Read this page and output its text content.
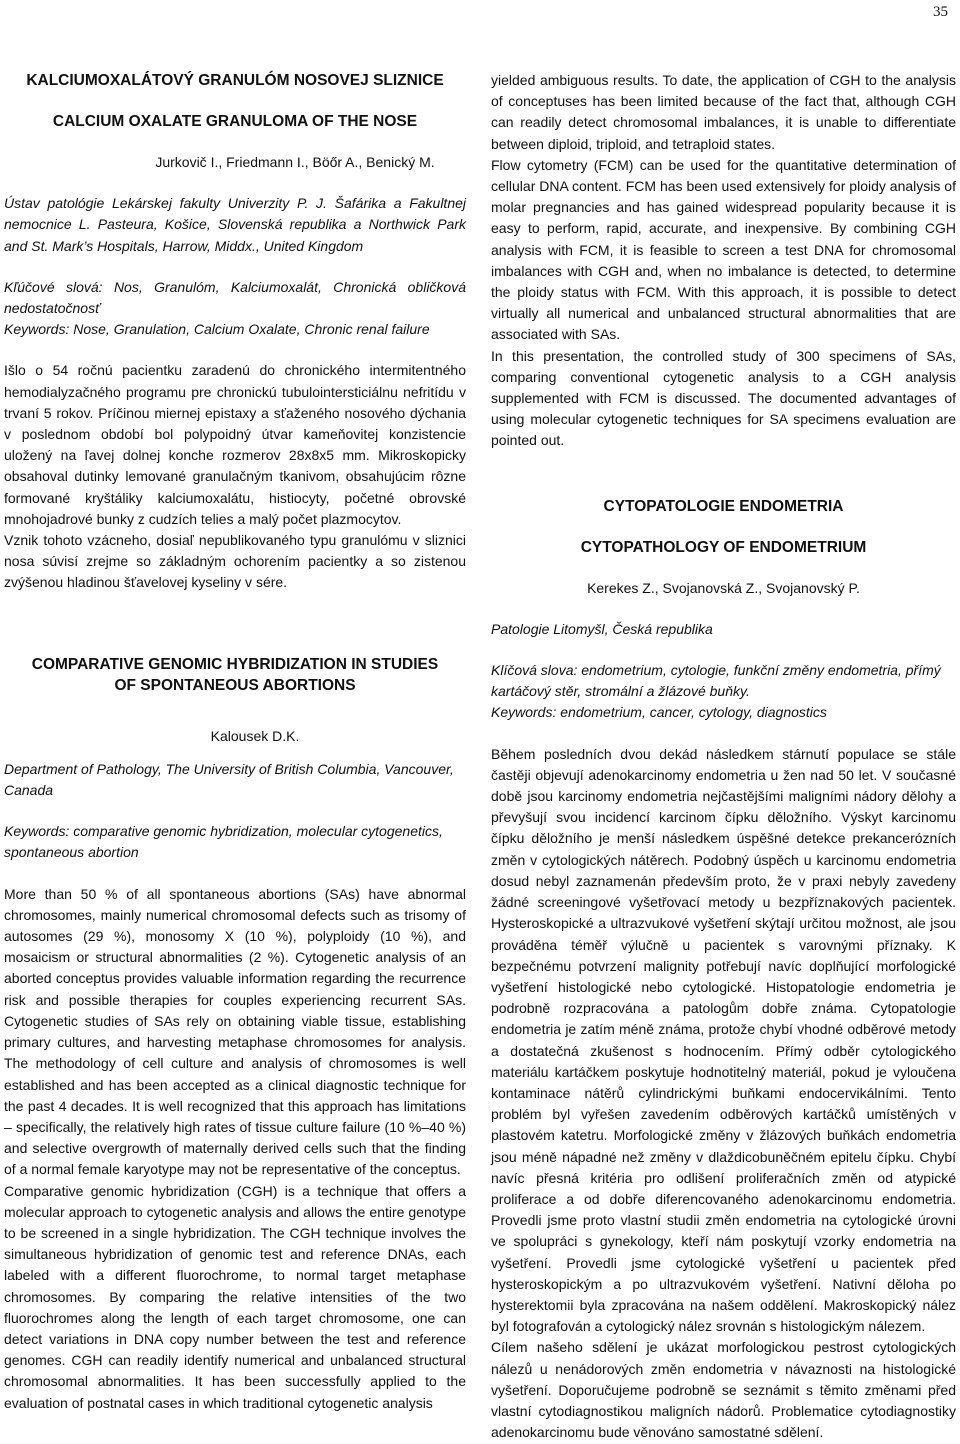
35

KALCIUMOXALÁTOVÝ GRANULÓM NOSOVEJ SLIZNICE

CALCIUM OXALATE GRANULOMA OF THE NOSE

Jurkovič I., Friedmann I., Böőr A., Benický M.

Ústav patológie Lekárskej fakulty Univerzity P. J. Šafárika a Fakultnej nemocnice L. Pasteura, Košice, Slovenská republika a Northwick Park and St. Mark’s Hospitals, Harrow, Middx., United Kingdom

Kľúčové slová: Nos, Granulóm, Kalciumoxalát, Chronická obličková nedostatočnosť

Keywords: Nose, Granulation, Calcium Oxalate, Chronic renal failure

Išlo o 54 ročnú pacientku zaradenú do chronického intermitentného hemodialyzačného programu pre chronickú tubulointersticiálnu nefritídu v trvaní 5 rokov. Príčinou miernej epistaxy a sťaženého nosového dýchania v poslednom období bol polypoidný útvar kameňovitej konzistencie uložený na ľavej dolnej konche rozmerov 28x8x5 mm. Mikroskopicky obsahoval dutinky lemované granulačným tkanivom, obsahujúcim rôzne formované kryštáliky kalciumoxalátu, histiocyty, početné obrovské mnohojadrové bunky z cudzích telies a malý počet plazmocytov.

Vznik tohoto vzácneho, dosiaľ nepublikovaného typu granulómu v sliznici nosa súvisí zrejme so základným ochorením pacientky a so zistenou zvýšenou hladinou šťavelovej kyseliny v sére.

COMPARATIVE GENOMIC HYBRIDIZATION IN STUDIES

OF SPONTANEOUS ABORTIONS

Kalousek D.K.

Department of Pathology, The University of British Columbia, Vancouver, Canada

Keywords: comparative genomic hybridization, molecular cytogenetics, spontaneous abortion

More than 50 % of all spontaneous abortions (SAs) have abnormal chromosomes, mainly numerical chromosomal defects such as trisomy of autosomes (29 %), monosomy X (10 %), polyploidy (10 %), and mosaicism or structural abnormalities (2 %). Cytogenetic analysis of an aborted conceptus provides valuable information regarding the recurrence risk and possible therapies for couples experiencing recurrent SAs. Cytogenetic studies of SAs rely on obtaining viable tissue, establishing primary cultures, and harvesting metaphase chromosomes for analysis. The methodology of cell culture and analysis of chromosomes is well established and has been accepted as a clinical diagnostic technique for the past 4 decades. It is well recognized that this approach has limitations – specifically, the relatively high rates of tissue culture failure (10 %–40 %) and selective overgrowth of maternally derived cells such that the finding of a normal female karyotype may not be representative of the conceptus.

Comparative genomic hybridization (CGH) is a technique that offers a molecular approach to cytogenetic analysis and allows the entire genotype to be screened in a single hybridization. The CGH technique involves the simultaneous hybridization of genomic test and reference DNAs, each labeled with a different fluorochrome, to normal target metaphase chromosomes. By comparing the relative intensities of the two fluorochromes along the length of each target chromosome, one can detect variations in DNA copy number between the test and reference genomes. CGH can readily identify numerical and unbalanced structural chromosomal abnormalities. It has been successfully applied to the evaluation of postnatal cases in which traditional cytogenetic analysis

yielded ambiguous results. To date, the application of CGH to the analysis of conceptuses has been limited because of the fact that, although CGH can readily detect chromosomal imbalances, it is unable to differentiate between diploid, triploid, and tetraploid states.

Flow cytometry (FCM) can be used for the quantitative determination of cellular DNA content. FCM has been used extensively for ploidy analysis of molar pregnancies and has gained widespread popularity because it is easy to perform, rapid, accurate, and inexpensive. By combining CGH analysis with FCM, it is feasible to screen a test DNA for chromosomal imbalances with CGH and, when no imbalance is detected, to determine the ploidy status with FCM. With this approach, it is possible to detect virtually all numerical and unbalanced structural abnormalities that are associated with SAs.

In this presentation, the controlled study of 300 specimens of SAs, comparing conventional cytogenetic analysis to a CGH analysis supplemented with FCM is discussed. The documented advantages of using molecular cytogenetic techniques for SA specimens evaluation are pointed out.

CYTOPATOLOGIE ENDOMETRIA

CYTOPATHOLOGY OF ENDOMETRIUM

Kerekes Z., Svojanovská Z., Svojanovský P.

Patologie Litomyšl, Česká republika

Klíčová slova: endometrium, cytologie, funkční změny endometria, přímý kartáčový stěr, stromální a žlázové buňky.

Keywords: endometrium, cancer, cytology, diagnostics

Během posledních dvou dekád následkem stárnutí populace se stále častěji objevují adenokarcinomy endometria u žen nad 50 let. V současné době jsou karcinomy endometria nejčastějšími maligními nádory dělohy a převyšují svou incidencí karcinom čípku děložního. Výskyt karcinomu čípku děložního je menší následkem úspěšné detekce prekancerózních změn v cytologických nátěrech. Podobný úspěch u karcinomu endometria dosud nebyl zaznamenán především proto, že v praxi nebyly zavedeny žádné screeningové vyšetřovací metody u bezpříznakových pacientek. Hysteroskopické a ultrazvukové vyšetření skýtají určitou možnost, ale jsou prováděna téměř výlučně u pacientek s varovnými příznaky. K bezpečnému potvrzení malignity potřebují navíc doplňující morfologické vyšetření histologické nebo cytologické. Histopatologie endometria je podrobně rozpracována a patologům dobře známa. Cytopatologie endometria je zatím méně známa, protože chybí vhodné odběrové metody a dostatečná zkušenost s hodnocením. Přímý odběr cytologického materiálu kartáčkem poskytuje hodnotitelný materiál, pokud je vyloučena kontaminace nátěrů cylindrickými buňkami endocervikálními. Tento problém byl vyřešen zavedením odběrových kartáčků umístěných v plastovém katetru. Morfologické změny v žlázových buňkách endometria jsou méně nápadné než změny v dlaždicobuněčném epitelu čípku. Chybí navíc přesná kritéria pro odlišení proliferačních změn od atypické proliferace a od dobře diferencovaného adenokarcinomu endometria. Provedli jsme proto vlastní studii změn endometria na cytologické úrovni ve spolupráci s gynekology, kteří nám poskytují vzorky endometria na vyšetření. Provedli jsme cytologické vyšetření u pacientek před hysteroskopickým a po ultrazvukovém vyšetření. Nativní děloha po hysterektomii byla zpracována na našem oddělení. Makroskopický nález byl fotografován a cytologický nález srovnán s histologickým nálezem.

Cílem našeho sdělení je ukázat morfologickou pestrost cytologických nálezů u nenádorových změn endometria v návaznosti na histologické vyšetření. Doporučujeme podrobně se seznámit s těmito změnami před vlastní cytodiagnostikou maligních nádorů. Problematice cytodiagnostiky adenokarcinomu bude věnováno samostatné sdělení.
